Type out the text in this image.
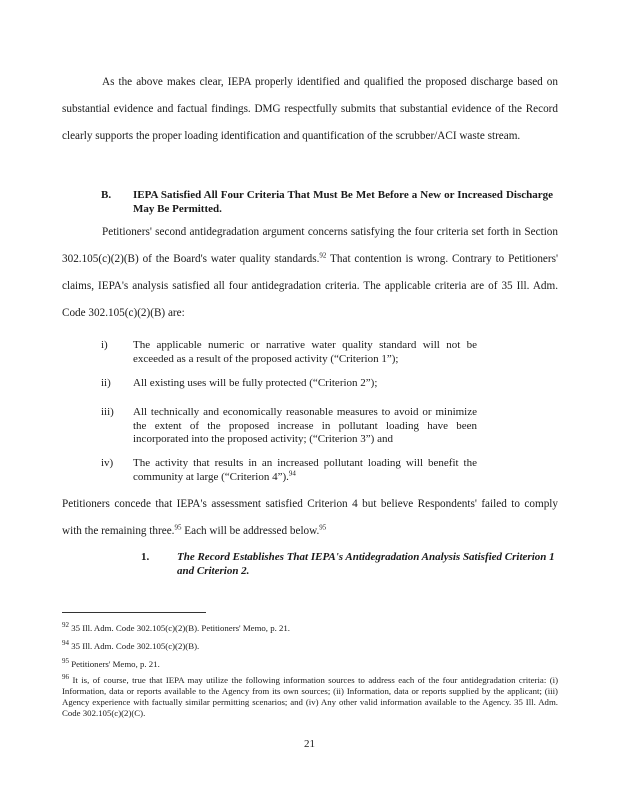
As the above makes clear, IEPA properly identified and qualified the proposed discharge based on substantial evidence and factual findings. DMG respectfully submits that substantial evidence of the Record clearly supports the proper loading identification and quantification of the scrubber/ACI waste stream.
B. IEPA Satisfied All Four Criteria That Must Be Met Before a New or Increased Discharge May Be Permitted.
Petitioners' second antidegradation argument concerns satisfying the four criteria set forth in Section 302.105(c)(2)(B) of the Board's water quality standards.$^{92}$ That contention is wrong. Contrary to Petitioners' claims, IEPA's analysis satisfied all four antidegradation criteria. The applicable criteria are of 35 Ill. Adm. Code 302.105(c)(2)(B) are:
i) The applicable numeric or narrative water quality standard will not be exceeded as a result of the proposed activity (“Criterion 1”);
ii) All existing uses will be fully protected (“Criterion 2”);
iii) All technically and economically reasonable measures to avoid or minimize the extent of the proposed increase in pollutant loading have been incorporated into the proposed activity; (“Criterion 3”) and
iv) The activity that results in an increased pollutant loading will benefit the community at large (“Criterion 4”).$^{94}$
Petitioners concede that IEPA's assessment satisfied Criterion 4 but believe Respondents' failed to comply with the remaining three.$^{95}$ Each will be addressed below.$^{95}$
1.	The Record Establishes That IEPA's Antidegradation Analysis Satisfied Criterion 1 and Criterion 2.
$^{92}$ 35 Ill. Adm. Code 302.105(c)(2)(B). Petitioners' Memo, p. 21.
$^{94}$ 35 Ill. Adm. Code 302.105(c)(2)(B).
$^{95}$ Petitioners' Memo, p. 21.
$^{96}$ It is, of course, true that IEPA may utilize the following information sources to address each of the four antidegradation criteria: (i) Information, data or reports available to the Agency from its own sources; (ii) Information, data or reports supplied by the applicant; (iii) Agency experience with factually similar permitting scenarios; and (iv) Any other valid information available to the Agency. 35 Ill. Adm. Code 302.105(c)(2)(C).
21
